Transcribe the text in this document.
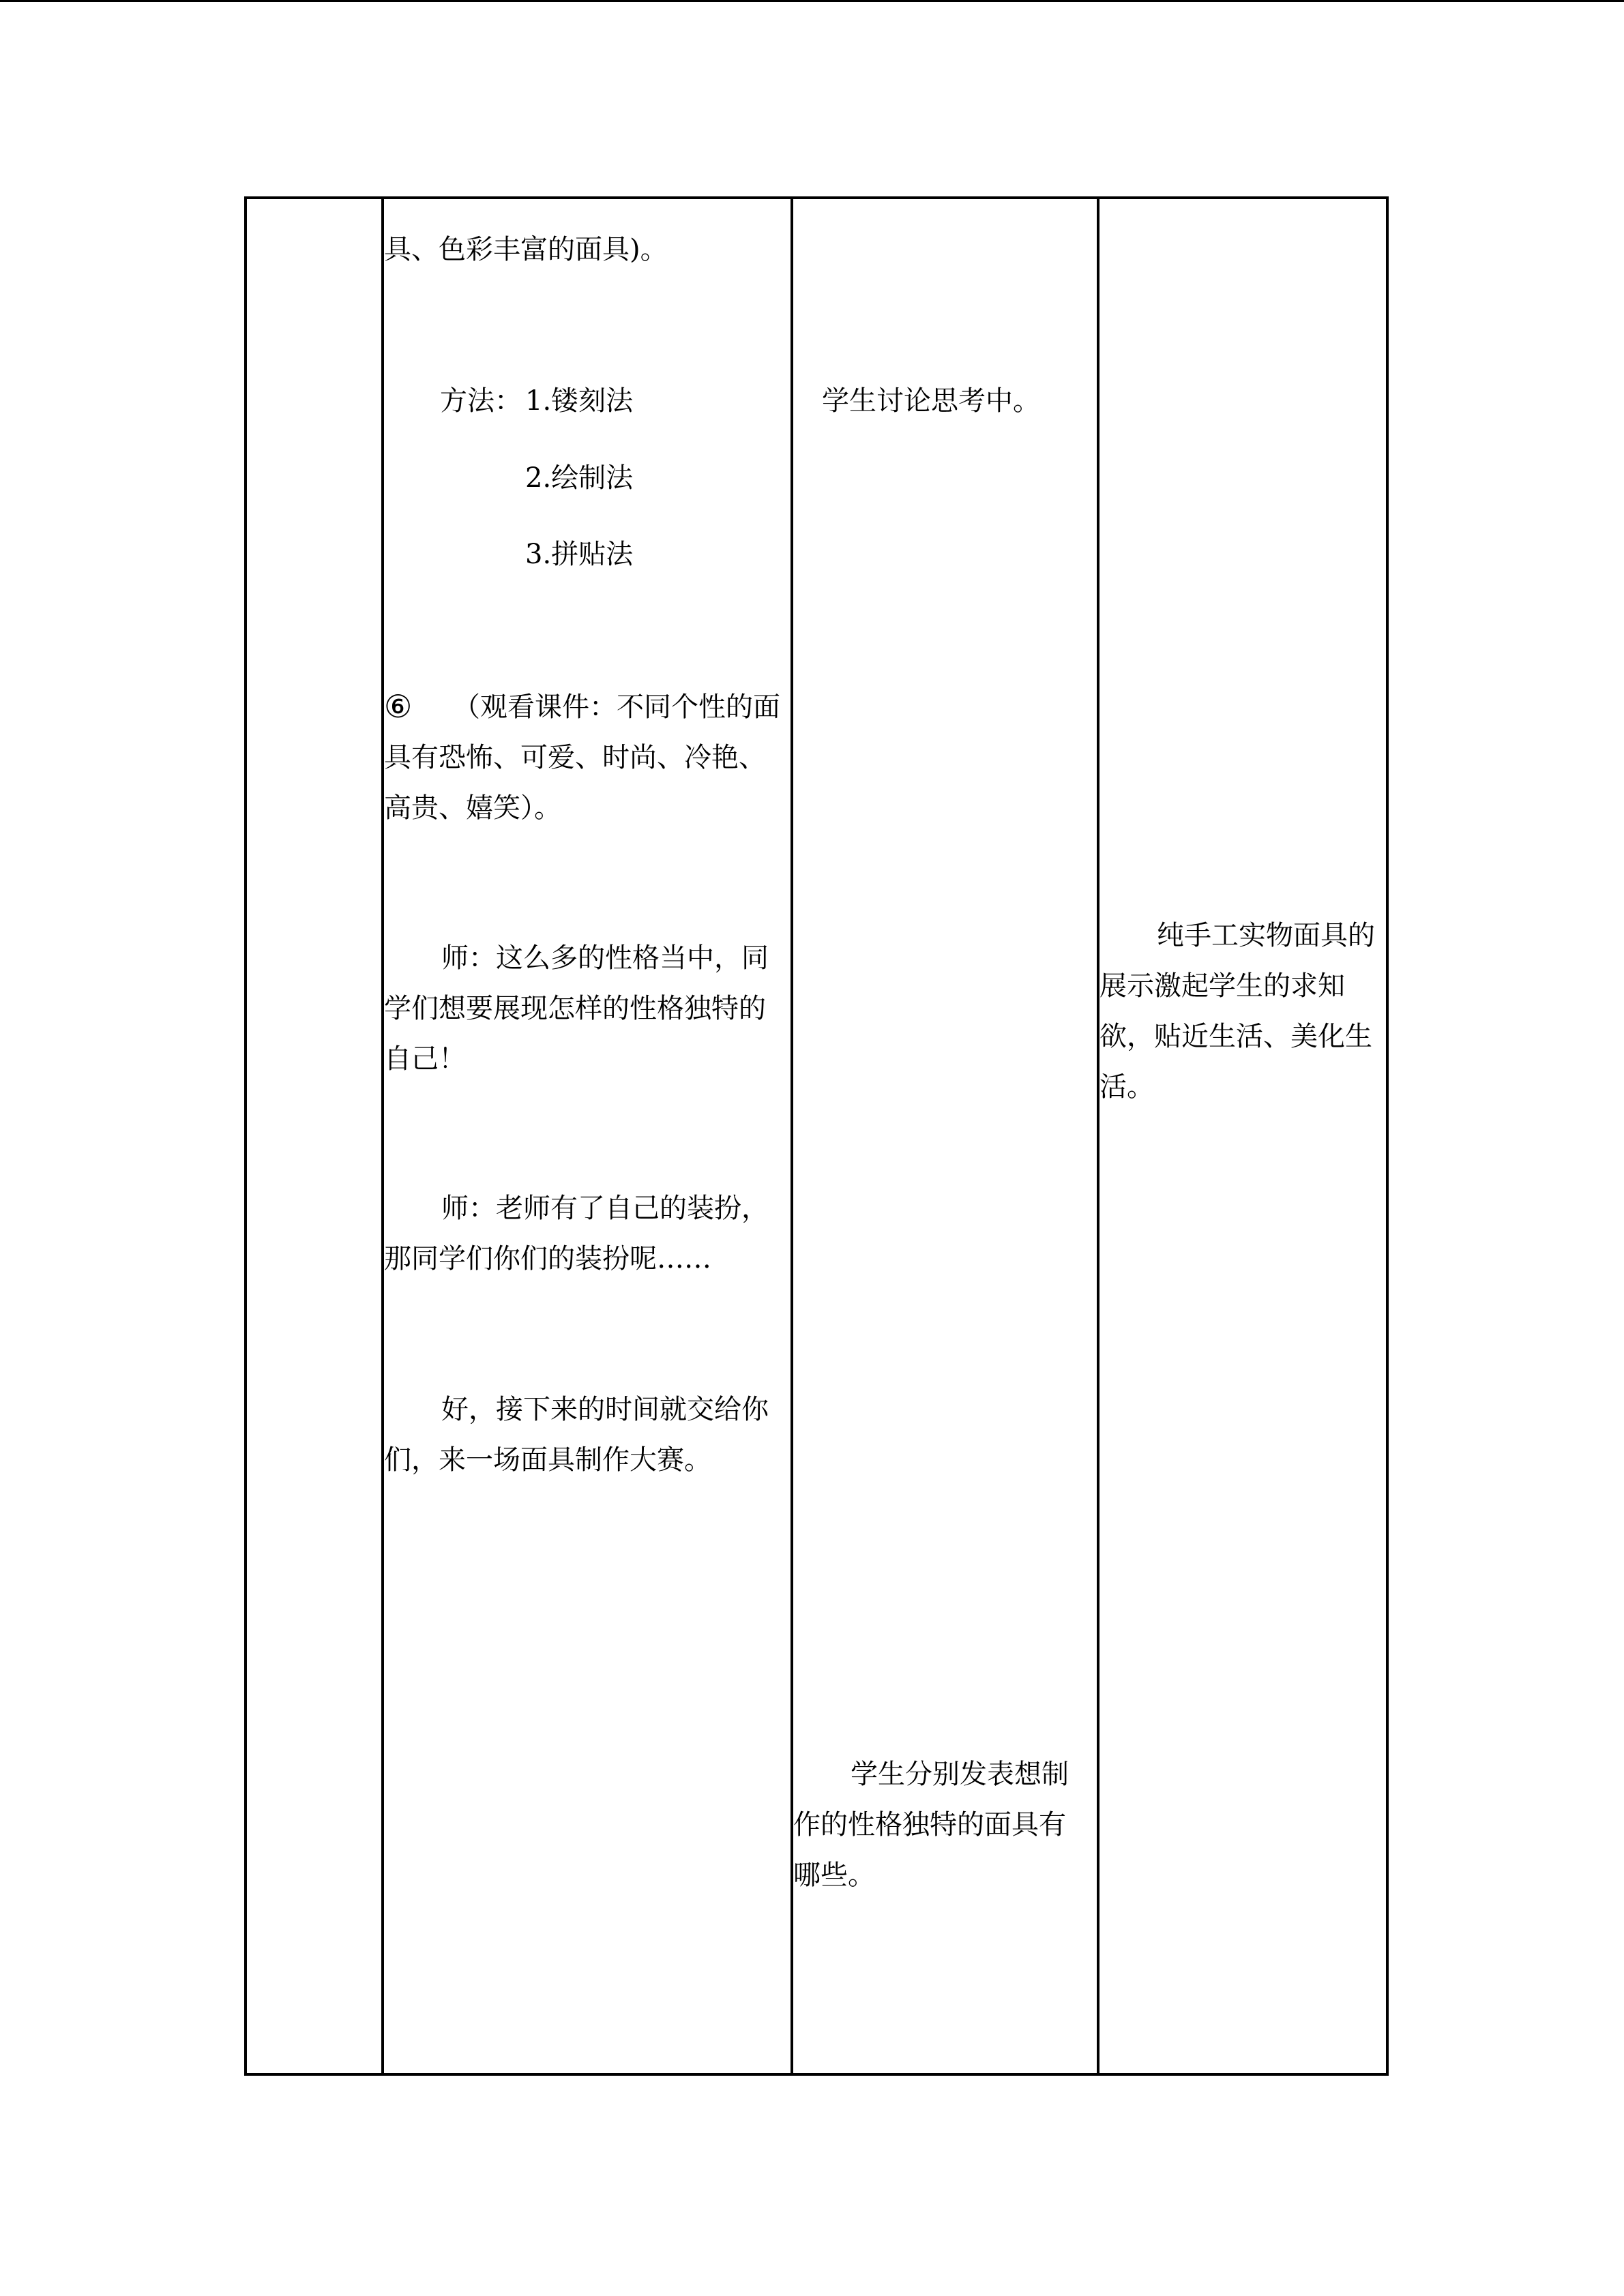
具、色彩丰富的面具)。
方法： 1.镂刻法
2.绘制法
3.拼贴法
⑥	（观看课件：不同个性的面
具有恐怖、可爱、时尚、冷艳、
高贵、嬉笑）。
师：这么多的性格当中，同
学们想要展现怎样的性格独特的
自己！
师：老师有了自己的装扮，
那同学们你们的装扮呢……
好，接下来的时间就交给你
们，来一场面具制作大赛。
学生讨论思考中。
学生分别发表想制
作的性格独特的面具有
哪些。
纯手工实物面具的
展示激起学生的求知
欲，贴近生活、美化生
活。
